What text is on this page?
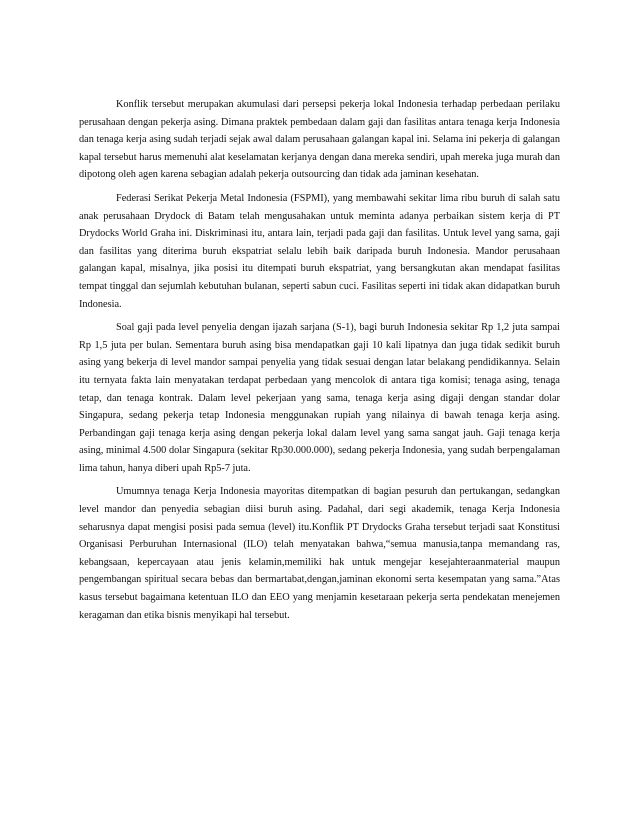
Konflik tersebut merupakan akumulasi dari persepsi pekerja lokal Indonesia terhadap perbedaan perilaku perusahaan dengan pekerja asing. Dimana praktek pembedaan dalam gaji dan fasilitas antara tenaga kerja Indonesia dan tenaga kerja asing sudah terjadi sejak awal dalam perusahaan galangan kapal ini. Selama ini pekerja di galangan kapal tersebut harus memenuhi alat keselamatan kerjanya dengan dana mereka sendiri, upah mereka juga murah dan dipotong oleh agen karena sebagian adalah pekerja outsourcing dan tidak ada jaminan kesehatan.

Federasi Serikat Pekerja Metal Indonesia (FSPMI), yang membawahi sekitar lima ribu buruh di salah satu anak perusahaan Drydock di Batam telah mengusahakan untuk meminta adanya perbaikan sistem kerja di PT Drydocks World Graha ini. Diskriminasi itu, antara lain, terjadi pada gaji dan fasilitas. Untuk level yang sama, gaji dan fasilitas yang diterima buruh ekspatriat selalu lebih baik daripada buruh Indonesia. Mandor perusahaan galangan kapal, misalnya, jika posisi itu ditempati buruh ekspatriat, yang bersangkutan akan mendapat fasilitas tempat tinggal dan sejumlah kebutuhan bulanan, seperti sabun cuci. Fasilitas seperti ini tidak akan didapatkan buruh Indonesia.

Soal gaji pada level penyelia dengan ijazah sarjana (S-1), bagi buruh Indonesia sekitar Rp 1,2 juta sampai Rp 1,5 juta per bulan. Sementara buruh asing bisa mendapatkan gaji 10 kali lipatnya dan juga tidak sedikit buruh asing yang bekerja di level mandor sampai penyelia yang tidak sesuai dengan latar belakang pendidikannya. Selain itu ternyata fakta lain menyatakan terdapat perbedaan yang mencolok di antara tiga komisi; tenaga asing, tenaga tetap, dan tenaga kontrak. Dalam level pekerjaan yang sama, tenaga kerja asing digaji dengan standar dolar Singapura, sedang pekerja tetap Indonesia menggunakan rupiah yang nilainya di bawah tenaga kerja asing. Perbandingan gaji tenaga kerja asing dengan pekerja lokal dalam level yang sama sangat jauh. Gaji tenaga kerja asing, minimal 4.500 dolar Singapura (sekitar Rp30.000.000), sedang pekerja Indonesia, yang sudah berpengalaman lima tahun, hanya diberi upah Rp5-7 juta.

Umumnya tenaga Kerja Indonesia mayoritas ditempatkan di bagian pesuruh dan pertukangan, sedangkan level mandor dan penyedia sebagian diisi buruh asing. Padahal, dari segi akademik, tenaga Kerja Indonesia seharusnya dapat mengisi posisi pada semua (level) itu.Konflik PT Drydocks Graha tersebut terjadi saat Konstitusi Organisasi Perburuhan Internasional (ILO) telah menyatakan bahwa,“semua manusia,tanpa memandang ras, kebangsaan, kepercayaan atau jenis kelamin,memiliki hak untuk mengejar kesejahteraanmaterial maupun pengembangan spiritual secara bebas dan bermartabat,dengan,jaminan ekonomi serta kesempatan yang sama.”Atas kasus tersebut bagaimana ketentuan ILO dan EEO yang menjamin kesetaraan pekerja serta pendekatan menejemen keragaman dan etika bisnis menyikapi hal tersebut.
